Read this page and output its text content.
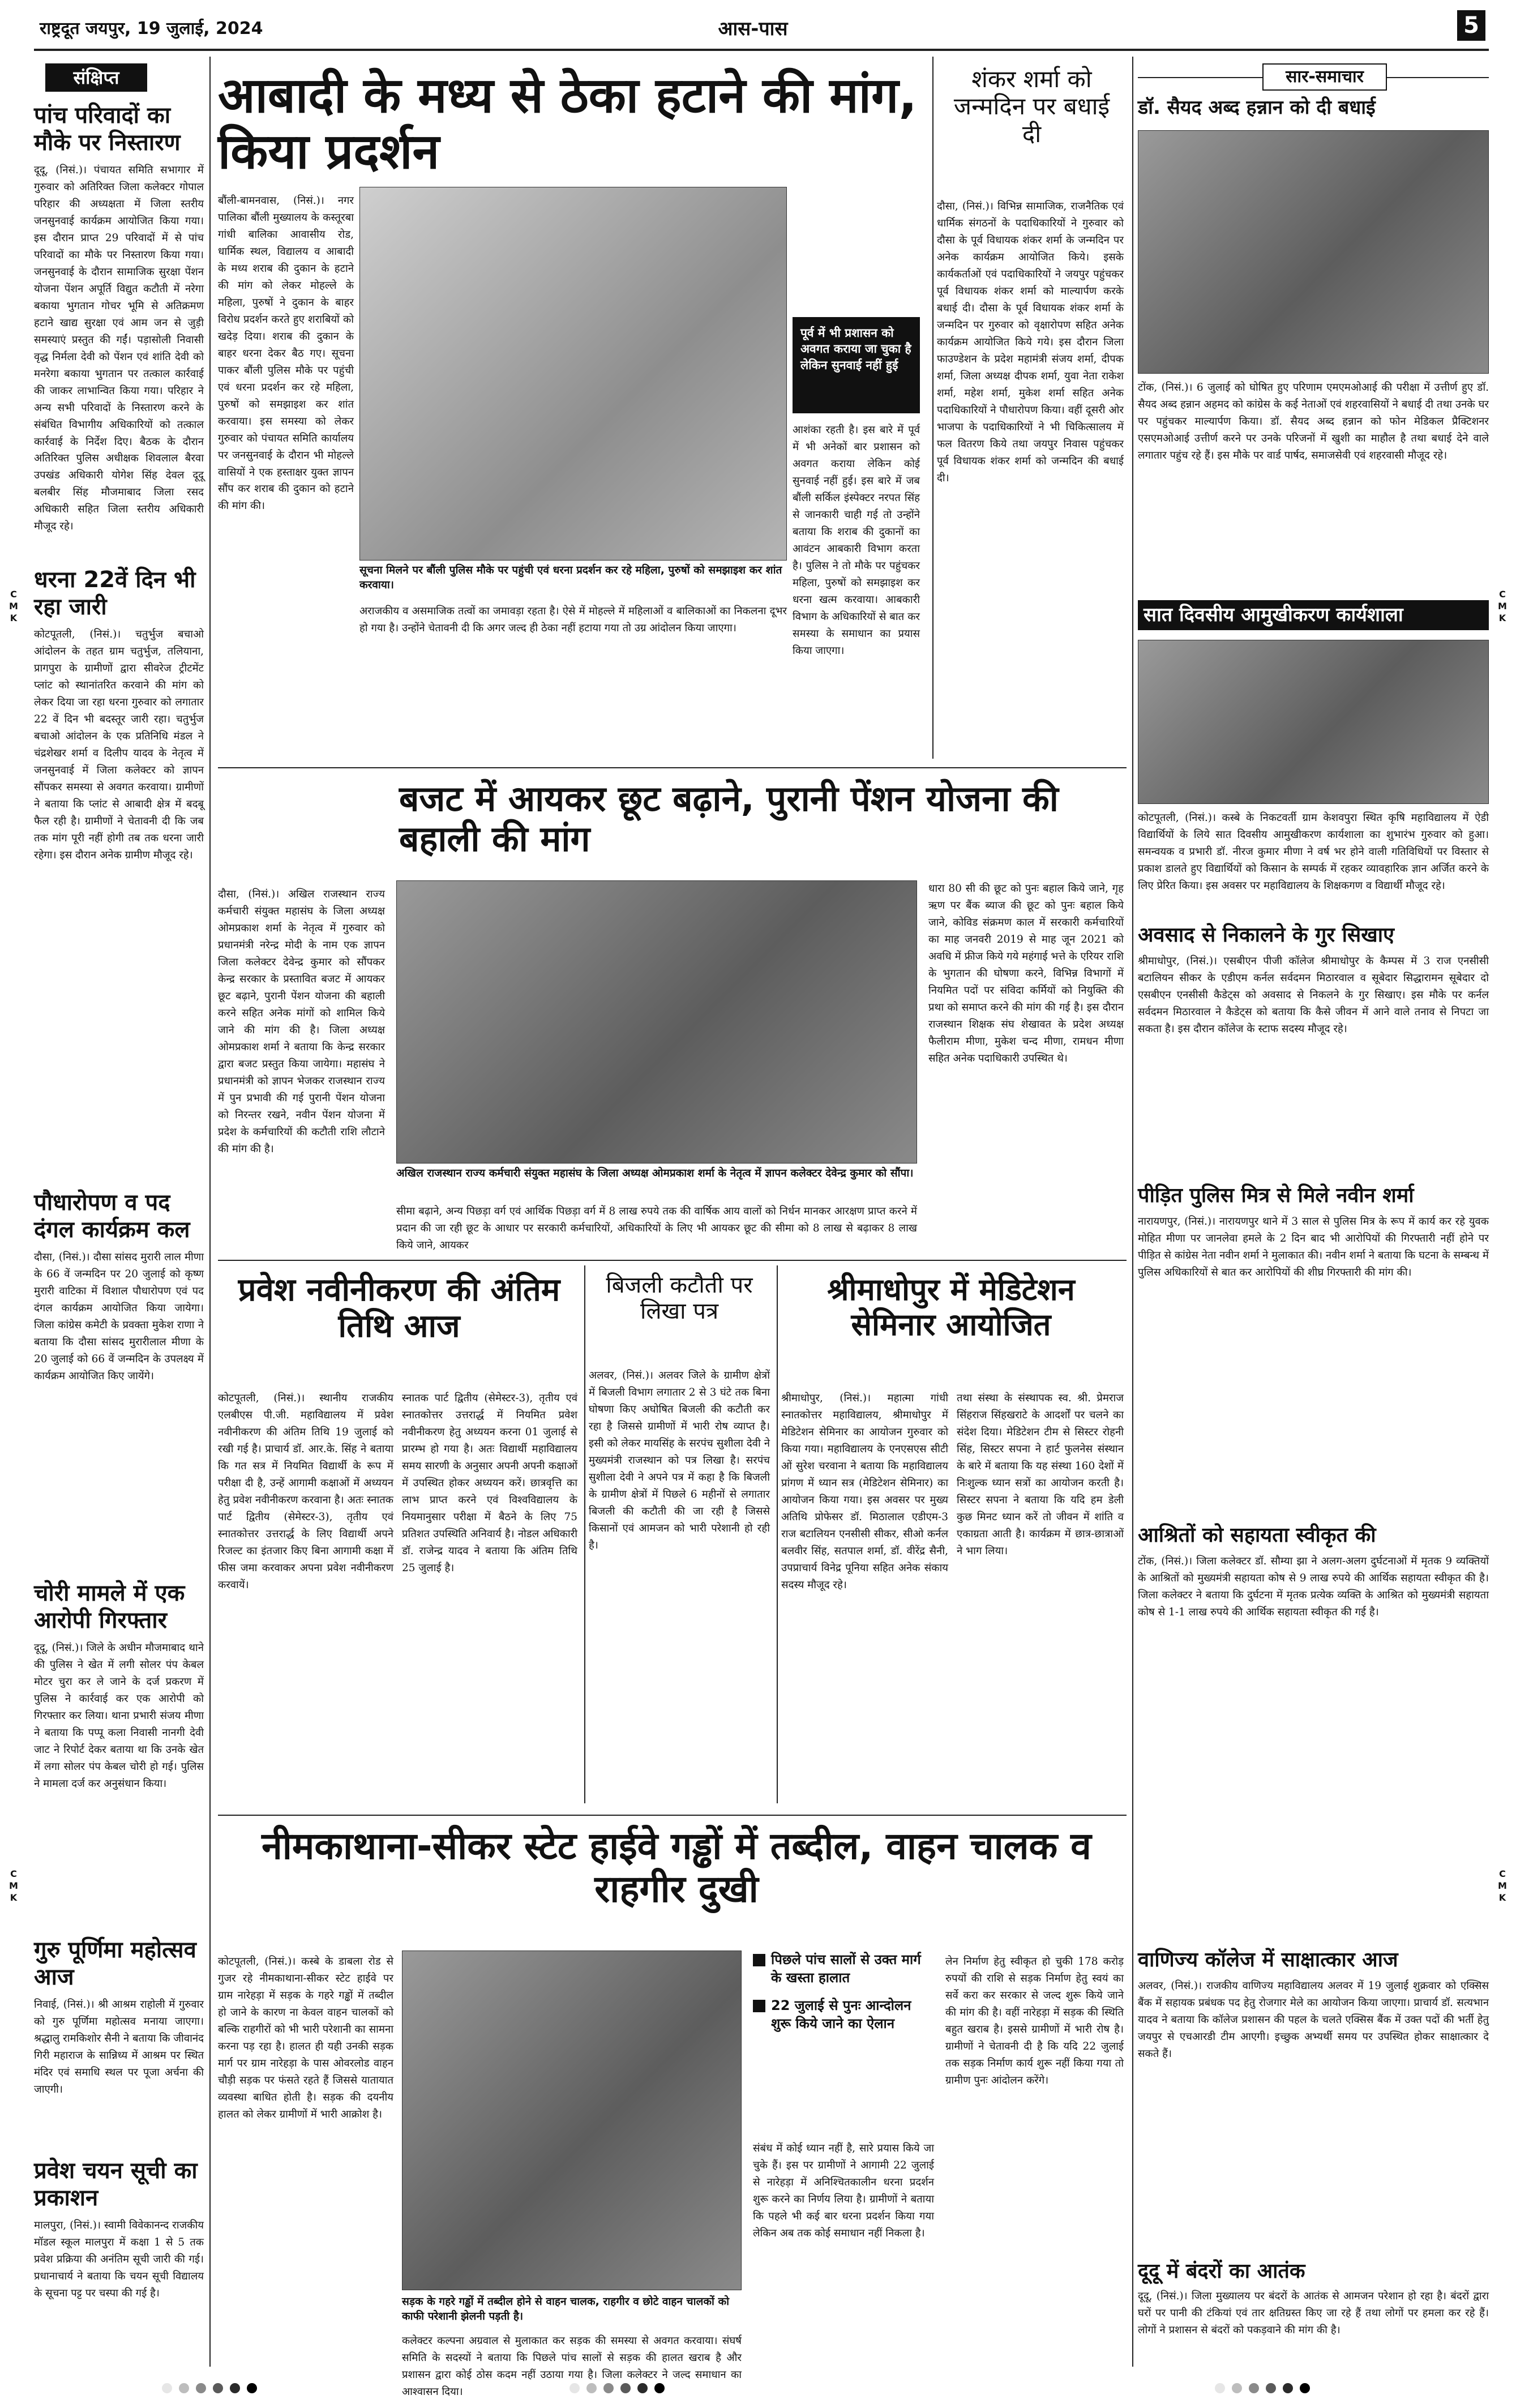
राष्ट्रदूत जयपुर, 19 जुलाई, 2024	आस-पास	5
C
M
K
C
M
K
C
M
K
C
M
K
संक्षिप्त

पांच परिवादों का मौके पर निस्तारण

दूदू, (निसं.)। पंचायत समिति सभागार में गुरुवार को अतिरिक्त जिला कलेक्टर गोपाल परिहार की अध्यक्षता में जिला स्तरीय जनसुनवाई कार्यक्रम आयोजित किया गया। इस दौरान प्राप्त 29 परिवादों में से पांच परिवादों का मौके पर निस्तारण किया गया। जनसुनवाई के दौरान सामाजिक सुरक्षा पेंशन योजना पेंशन अपूर्ति विद्युत कटौती में नरेगा बकाया भुगतान गोचर भूमि से अतिक्रमण हटाने खाद्य सुरक्षा एवं आम जन से जुड़ी समस्याएं प्रस्तुत की गईं। पड़ासोली निवासी वृद्ध निर्मला देवी को पेंशन एवं शांति देवी को मनरेगा बकाया भुगतान पर तत्काल कार्रवाई की जाकर लाभान्वित किया गया। परिहार ने अन्य सभी परिवादों के निस्तारण करने के संबंधित विभागीय अधिकारियों को तत्काल कार्रवाई के निर्देश दिए। बैठक के दौरान अतिरिक्त पुलिस अधीक्षक शिवलाल बैरवा उपखंड अधिकारी योगेश सिंह देवल दूदू बलबीर सिंह मौजमाबाद जिला रसद अधिकारी सहित जिला स्तरीय अधिकारी मौजूद रहे।

धरना 22वें दिन भी रहा जारी

कोटपूतली, (निसं.)। चतुर्भुज बचाओ आंदोलन के तहत ग्राम चतुर्भुज, तलियाना, प्रागपुरा के ग्रामीणों द्वारा सीवरेज ट्रीटमेंट प्लांट को स्थानांतरित करवाने की मांग को लेकर दिया जा रहा धरना गुरुवार को लगातार 22 वें दिन भी बदस्तूर जारी रहा। चतुर्भुज बचाओ आंदोलन के एक प्रतिनिधि मंडल ने चंद्रशेखर शर्मा व दिलीप यादव के नेतृत्व में जनसुनवाई में जिला कलेक्टर को ज्ञापन सौंपकर समस्या से अवगत करवाया। ग्रामीणों ने बताया कि प्लांट से आबादी क्षेत्र में बदबू फैल रही है। ग्रामीणों ने चेतावनी दी कि जब तक मांग पूरी नहीं होगी तब तक धरना जारी रहेगा। इस दौरान अनेक ग्रामीण मौजूद रहे।

पौधारोपण व पद दंगल कार्यक्रम कल

दौसा, (निसं.)। दौसा सांसद मुरारी लाल मीणा के 66 वें जन्मदिन पर 20 जुलाई को कृष्ण मुरारी वाटिका में विशाल पौधारोपण एवं पद दंगल कार्यक्रम आयोजित किया जायेगा। जिला कांग्रेस कमेटी के प्रवक्ता मुकेश राणा ने बताया कि दौसा सांसद मुरारीलाल मीणा के 20 जुलाई को 66 वें जन्मदिन के उपलक्ष्य में कार्यक्रम आयोजित किए जायेंगे।

चोरी मामले में एक आरोपी गिरफ्तार

दूदू, (निसं.)। जिले के अधीन मौजमाबाद थाने की पुलिस ने खेत में लगी सोलर पंप केबल मोटर चुरा कर ले जाने के दर्ज प्रकरण में पुलिस ने कार्रवाई कर एक आरोपी को गिरफ्तार कर लिया। थाना प्रभारी संजय मीणा ने बताया कि पप्पू कला निवासी नानगी देवी जाट ने रिपोर्ट देकर बताया था कि उनके खेत में लगा सोलर पंप केबल चोरी हो गई। पुलिस ने मामला दर्ज कर अनुसंधान किया।

गुरु पूर्णिमा महोत्सव आज

निवाई, (निसं.)। श्री आश्रम राहोली में गुरुवार को गुरु पूर्णिमा महोत्सव मनाया जाएगा। श्रद्धालु रामकिशोर सैनी ने बताया कि जीवानंद गिरी महाराज के सान्निध्य में आश्रम पर स्थित मंदिर एवं समाधि स्थल पर पूजा अर्चना की जाएगी।

प्रवेश चयन सूची का प्रकाशन

मालपुरा, (निसं.)। स्वामी विवेकानन्द राजकीय मॉडल स्कूल मालपुरा में कक्षा 1 से 5 तक प्रवेश प्रक्रिया की अनंतिम सूची जारी की गई। प्रधानाचार्य ने बताया कि चयन सूची विद्यालय के सूचना पट्ट पर चस्पा की गई है।

आबादी के मध्य से ठेका हटाने की मांग, किया प्रदर्शन

सूचना मिलने पर बौंली पुलिस मौके पर पहुंची एवं धरना प्रदर्शन कर रहे महिला, पुरुषों को समझाइश कर शांत करवाया।

बौंली-बामनवास, (निसं.)। नगर पालिका बौंली मुख्यालय के कस्तूरबा गांधी बालिका आवासीय रोड, धार्मिक स्थल, विद्यालय व आबादी के मध्य शराब की दुकान के हटाने की मांग को लेकर मोहल्ले के महिला, पुरुषों ने दुकान के बाहर विरोध प्रदर्शन करते हुए शराबियों को खदेड़ दिया। शराब की दुकान के बाहर धरना देकर बैठ गए। सूचना पाकर बौंली पुलिस मौके पर पहुंची एवं धरना प्रदर्शन कर रहे महिला, पुरुषों को समझाइश कर शांत करवाया। इस समस्या को लेकर गुरुवार को पंचायत समिति कार्यालय पर जनसुनवाई के दौरान भी मोहल्ले वासियों ने एक हस्ताक्षर युक्त ज्ञापन सौंप कर शराब की दुकान को हटाने की मांग की।

पूर्व में भी प्रशासन को अवगत कराया जा चुका है लेकिन सुनवाई नहीं हुई

आशंका रहती है। इस बारे में पूर्व में भी अनेकों बार प्रशासन को अवगत कराया लेकिन कोई सुनवाई नहीं हुई। इस बारे में जब बौंली सर्किल इंस्पेक्टर नरपत सिंह से जानकारी चाही गई तो उन्होंने बताया कि शराब की दुकानों का आवंटन आबकारी विभाग करता है। पुलिस ने तो मौके पर पहुंचकर महिला, पुरुषों को समझाइश कर धरना खत्म करवाया। आबकारी विभाग के अधिकारियों से बात कर समस्या के समाधान का प्रयास किया जाएगा।

अराजकीय व असमाजिक तत्वों का जमावड़ा रहता है। ऐसे में मोहल्ले में महिलाओं व बालिकाओं का निकलना दूभर हो गया है। उन्होंने चेतावनी दी कि अगर जल्द ही ठेका नहीं हटाया गया तो उग्र आंदोलन किया जाएगा।

शंकर शर्मा को जन्मदिन पर बधाई दी

दौसा, (निसं.)। विभिन्न सामाजिक, राजनैतिक एवं धार्मिक संगठनों के पदाधिकारियों ने गुरुवार को दौसा के पूर्व विधायक शंकर शर्मा के जन्मदिन पर अनेक कार्यक्रम आयोजित किये। इसके कार्यकर्ताओं एवं पदाधिकारियों ने जयपुर पहुंचकर पूर्व विधायक शंकर शर्मा को माल्यार्पण करके बधाई दी। दौसा के पूर्व विधायक शंकर शर्मा के जन्मदिन पर गुरुवार को वृक्षारोपण सहित अनेक कार्यक्रम आयोजित किये गये। इस दौरान जिला फाउण्डेशन के प्रदेश महामंत्री संजय शर्मा, दीपक शर्मा, जिला अध्यक्ष दीपक शर्मा, युवा नेता राकेश शर्मा, महेश शर्मा, मुकेश शर्मा सहित अनेक पदाधिकारियों ने पौधारोपण किया। वहीं दूसरी ओर भाजपा के पदाधिकारियों ने भी चिकित्सालय में फल वितरण किये तथा जयपुर निवास पहुंचकर पूर्व विधायक शंकर शर्मा को जन्मदिन की बधाई दी।

सार-समाचार

डॉ. सैयद अब्द हन्नान को दी बधाई

टोंक, (निसं.)। 6 जुलाई को घोषित हुए परिणाम एमएमओआई की परीक्षा में उत्तीर्ण हुए डॉ. सैयद अब्द हन्नान अहमद को कांग्रेस के कई नेताओं एवं शहरवासियों ने बधाई दी तथा उनके घर पर पहुंचकर माल्यार्पण किया। डॉ. सैयद अब्द हन्नान को फोन मेडिकल प्रैक्टिशनर एसएमओआई उत्तीर्ण करने पर उनके परिजनों में खुशी का माहौल है तथा बधाई देने वाले लगातार पहुंच रहे हैं। इस मौके पर वार्ड पार्षद, समाजसेवी एवं शहरवासी मौजूद रहे।

सात दिवसीय आमुखीकरण कार्यशाला

कोटपूतली, (निसं.)। कस्बे के निकटवर्ती ग्राम केशवपुरा स्थित कृषि महाविद्यालय में ऐडी विद्यार्थियों के लिये सात दिवसीय आमुखीकरण कार्यशाला का शुभारंभ गुरुवार को हुआ। समन्वयक व प्रभारी डॉ. नीरज कुमार मीणा ने वर्ष भर होने वाली गतिविधियों पर विस्तार से प्रकाश डालते हुए विद्यार्थियों को किसान के सम्पर्क में रहकर व्यावहारिक ज्ञान अर्जित करने के लिए प्रेरित किया। इस अवसर पर महाविद्यालय के शिक्षकगण व विद्यार्थी मौजूद रहे।

अवसाद से निकालने के गुर सिखाए

श्रीमाधोपुर, (निसं.)। एसबीएन पीजी कॉलेज श्रीमाधोपुर के कैम्पस में 3 राज एनसीसी बटालियन सीकर के एडीएम कर्नल सर्वदमन मिठारवाल व सूबेदार सिद्धारामन सूबेदार दो एसबीएन एनसीसी कैडेट्स को अवसाद से निकलने के गुर सिखाए। इस मौके पर कर्नल सर्वदमन मिठारवाल ने कैडेट्स को बताया कि कैसे जीवन में आने वाले तनाव से निपटा जा सकता है। इस दौरान कॉलेज के स्टाफ सदस्य मौजूद रहे।

पीड़ित पुलिस मित्र से मिले नवीन शर्मा

नारायणपुर, (निसं.)। नारायणपुर थाने में 3 साल से पुलिस मित्र के रूप में कार्य कर रहे युवक मोहित मीणा पर जानलेवा हमले के 2 दिन बाद भी आरोपियों की गिरफ्तारी नहीं होने पर पीड़ित से कांग्रेस नेता नवीन शर्मा ने मुलाकात की। नवीन शर्मा ने बताया कि घटना के सम्बन्ध में पुलिस अधिकारियों से बात कर आरोपियों की शीघ्र गिरफ्तारी की मांग की।

आश्रितों को सहायता स्वीकृत की

टोंक, (निसं.)। जिला कलेक्टर डॉ. सौम्या झा ने अलग-अलग दुर्घटनाओं में मृतक 9 व्यक्तियों के आश्रितों को मुख्यमंत्री सहायता कोष से 9 लाख रुपये की आर्थिक सहायता स्वीकृत की है। जिला कलेक्टर ने बताया कि दुर्घटना में मृतक प्रत्येक व्यक्ति के आश्रित को मुख्यमंत्री सहायता कोष से 1-1 लाख रुपये की आर्थिक सहायता स्वीकृत की गई है।

वाणिज्य कॉलेज में साक्षात्कार आज

अलवर, (निसं.)। राजकीय वाणिज्य महाविद्यालय अलवर में 19 जुलाई शुक्रवार को एक्सिस बैंक में सहायक प्रबंधक पद हेतु रोजगार मेले का आयोजन किया जाएगा। प्राचार्य डॉ. सत्यभान यादव ने बताया कि कॉलेज प्रशासन की पहल के चलते एक्सिस बैंक में उक्त पदों की भर्ती हेतु जयपुर से एचआरडी टीम आएगी। इच्छुक अभ्यर्थी समय पर उपस्थित होकर साक्षात्कार दे सकते हैं।

दूदू में बंदरों का आतंक

दूदू, (निसं.)। जिला मुख्यालय पर बंदरों के आतंक से आमजन परेशान हो रहा है। बंदरों द्वारा घरों पर पानी की टंकियां एवं तार क्षतिग्रस्त किए जा रहे हैं तथा लोगों पर हमला कर रहे हैं। लोगों ने प्रशासन से बंदरों को पकड़वाने की मांग की है।

बजट में आयकर छूट बढ़ाने, पुरानी पेंशन योजना की बहाली की मांग

दौसा, (निसं.)। अखिल राजस्थान राज्य कर्मचारी संयुक्त महासंघ के जिला अध्यक्ष ओमप्रकाश शर्मा के नेतृत्व में गुरुवार को प्रधानमंत्री नरेन्द्र मोदी के नाम एक ज्ञापन जिला कलेक्टर देवेन्द्र कुमार को सौंपकर केन्द्र सरकार के प्रस्तावित बजट में आयकर छूट बढ़ाने, पुरानी पेंशन योजना की बहाली करने सहित अनेक मांगों को शामिल किये जाने की मांग की है। जिला अध्यक्ष ओमप्रकाश शर्मा ने बताया कि केन्द्र सरकार द्वारा बजट प्रस्तुत किया जायेगा। महासंघ ने प्रधानमंत्री को ज्ञापन भेजकर राजस्थान राज्य में पुन प्रभावी की गई पुरानी पेंशन योजना को निरन्तर रखने, नवीन पेंशन योजना में प्रदेश के कर्मचारियों की कटौती राशि लौटाने की मांग की है।

अखिल राजस्थान राज्य कर्मचारी संयुक्त महासंघ के जिला अध्यक्ष ओमप्रकाश शर्मा के नेतृत्व में ज्ञापन कलेक्टर देवेन्द्र कुमार को सौंपा।

सीमा बढ़ाने, अन्य पिछड़ा वर्ग एवं आर्थिक पिछड़ा वर्ग में 8 लाख रुपये तक की वार्षिक आय वालों को निर्धन मानकर आरक्षण प्राप्त करने में प्रदान की जा रही छूट के आधार पर सरकारी कर्मचारियों, अधिकारियों के लिए भी आयकर छूट की सीमा को 8 लाख से बढ़ाकर 8 लाख किये जाने, आयकर

धारा 80 सी की छूट को पुनः बहाल किये जाने, गृह ऋण पर बैंक ब्याज की छूट को पुनः बहाल किये जाने, कोविड संक्रमण काल में सरकारी कर्मचारियों का माह जनवरी 2019 से माह जून 2021 को अवधि में फ्रीज किये गये महंगाई भत्ते के एरियर राशि के भुगतान की घोषणा करने, विभिन्न विभागों में नियमित पदों पर संविदा कर्मियों को नियुक्ति की प्रथा को समाप्त करने की मांग की गई है। इस दौरान राजस्थान शिक्षक संघ शेखावत के प्रदेश अध्यक्ष फैलीराम मीणा, मुकेश चन्द मीणा, रामधन मीणा सहित अनेक पदाधिकारी उपस्थित थे।

प्रवेश नवीनीकरण की अंतिम तिथि आज

कोटपूतली, (निसं.)। स्थानीय राजकीय एलबीएस पी.जी. महाविद्यालय में प्रवेश नवीनीकरण की अंतिम तिथि 19 जुलाई को रखी गई है। प्राचार्य डॉ. आर.के. सिंह ने बताया कि गत सत्र में नियमित विद्यार्थी के रूप में परीक्षा दी है, उन्हें आगामी कक्षाओं में अध्ययन हेतु प्रवेश नवीनीकरण करवाना है। अतः स्नातक पार्ट द्वितीय (सेमेस्टर-3), तृतीय एवं स्नातकोत्तर उत्तरार्द्ध के लिए विद्यार्थी अपने रिजल्ट का इंतजार किए बिना आगामी कक्षा में फीस जमा करवाकर अपना प्रवेश नवीनीकरण करवायें।

स्नातक पार्ट द्वितीय (सेमेस्टर-3), तृतीय एवं स्नातकोत्तर उत्तरार्द्ध में नियमित प्रवेश नवीनीकरण हेतु अध्ययन करना 01 जुलाई से प्रारम्भ हो गया है। अतः विद्यार्थी महाविद्यालय समय सारणी के अनुसार अपनी अपनी कक्षाओं में उपस्थित होकर अध्ययन करें। छात्रवृत्ति का लाभ प्राप्त करने एवं विश्वविद्यालय के नियमानुसार परीक्षा में बैठने के लिए 75 प्रतिशत उपस्थिति अनिवार्य है। नोडल अधिकारी डॉ. राजेन्द्र यादव ने बताया कि अंतिम तिथि 25 जुलाई है।

बिजली कटौती पर लिखा पत्र

अलवर, (निसं.)। अलवर जिले के ग्रामीण क्षेत्रों में बिजली विभाग लगातार 2 से 3 घंटे तक बिना घोषणा किए अघोषित बिजली की कटौती कर रहा है जिससे ग्रामीणों में भारी रोष व्याप्त है। इसी को लेकर मायसिंह के सरपंच सुशीला देवी ने मुख्यमंत्री राजस्थान को पत्र लिखा है। सरपंच सुशीला देवी ने अपने पत्र में कहा है कि बिजली के ग्रामीण क्षेत्रों में पिछले 6 महीनों से लगातार बिजली की कटौती की जा रही है जिससे किसानों एवं आमजन को भारी परेशानी हो रही है।

श्रीमाधोपुर में मेडिटेशन सेमिनार आयोजित

श्रीमाधोपुर, (निसं.)। महात्मा गांधी स्नातकोत्तर महाविद्यालय, श्रीमाधोपुर में मेडिटेशन सेमिनार का आयोजन गुरुवार को किया गया। महाविद्यालय के एनएसएस सीटी ओं सुरेश चरवाना ने बताया कि महाविद्यालय प्रांगण में ध्यान सत्र (मेडिटेशन सेमिनार) का आयोजन किया गया। इस अवसर पर मुख्य अतिथि प्रोफेसर डॉ. मिठालाल एडीएम-3 राज बटालियन एनसीसी सीकर, सीओ कर्नल बलवीर सिंह, सतपाल शर्मा, डॉ. वीरेंद्र सैनी, उपप्राचार्य विनेद्र पूनिया सहित अनेक संकाय सदस्य मौजूद रहे।

तथा संस्था के संस्थापक स्व. श्री. प्रेमराज सिंहराज सिंहखराटे के आदर्शों पर चलने का संदेश दिया। मेडिटेशन टीम से सिस्टर रोहनी सिंह, सिस्टर सपना ने हार्ट फुलनेस संस्थान के बारे में बताया कि यह संस्था 160 देशों में निःशुल्क ध्यान सत्रों का आयोजन करती है। सिस्टर सपना ने बताया कि यदि हम डेली कुछ मिनट ध्यान करें तो जीवन में शांति व एकाग्रता आती है। कार्यक्रम में छात्र-छात्राओं ने भाग लिया।

नीमकाथाना-सीकर स्टेट हाईवे गड्ढों में तब्दील, वाहन चालक व राहगीर दुखी

कोटपूतली, (निसं.)। कस्बे के डाबला रोड से गुजर रहे नीमकाथाना-सीकर स्टेट हाईवे पर ग्राम नारेहड़ा में सड़क के गहरे गड्ढों में तब्दील हो जाने के कारण ना केवल वाहन चालकों को बल्कि राहगीरों को भी भारी परेशानी का सामना करना पड़ रहा है। हालत ही यही उनकी सड़क मार्ग पर ग्राम नारेहड़ा के पास ओवरलोड वाहन चौड़ी सड़क पर फंसते रहते हैं जिससे यातायात व्यवस्था बाधित होती है। सड़क की दयनीय हालत को लेकर ग्रामीणों में भारी आक्रोश है।

सड़क के गहरे गड्ढों में तब्दील होने से वाहन चालक, राहगीर व छोटे वाहन चालकों को काफी परेशानी झेलनी पड़ती है।

कलेक्टर कल्पना अग्रवाल से मुलाकात कर सड़क की समस्या से अवगत करवाया। संघर्ष समिति के सदस्यों ने बताया कि पिछले पांच सालों से सड़क की हालत खराब है और प्रशासन द्वारा कोई ठोस कदम नहीं उठाया गया है। जिला कलेक्टर ने जल्द समाधान का आश्वासन दिया।

पिछले पांच सालों से उक्त मार्ग के खस्ता हालात

22 जुलाई से पुनः आन्दोलन शुरू किये जाने का ऐलान

संबंध में कोई ध्यान नहीं है, सारे प्रयास किये जा चुके हैं। इस पर ग्रामीणों ने आगामी 22 जुलाई से नारेहड़ा में अनिश्चितकालीन धरना प्रदर्शन शुरू करने का निर्णय लिया है। ग्रामीणों ने बताया कि पहले भी कई बार धरना प्रदर्शन किया गया लेकिन अब तक कोई समाधान नहीं निकला है।

लेन निर्माण हेतु स्वीकृत हो चुकी 178 करोड़ रुपयों की राशि से सड़क निर्माण हेतु स्वयं का सर्वे करा कर सरकार से जल्द शुरू किये जाने की मांग की है। वहीं नारेहड़ा में सड़क की स्थिति बहुत खराब है। इससे ग्रामीणों में भारी रोष है। ग्रामीणों ने चेतावनी दी है कि यदि 22 जुलाई तक सड़क निर्माण कार्य शुरू नहीं किया गया तो ग्रामीण पुनः आंदोलन करेंगे।
